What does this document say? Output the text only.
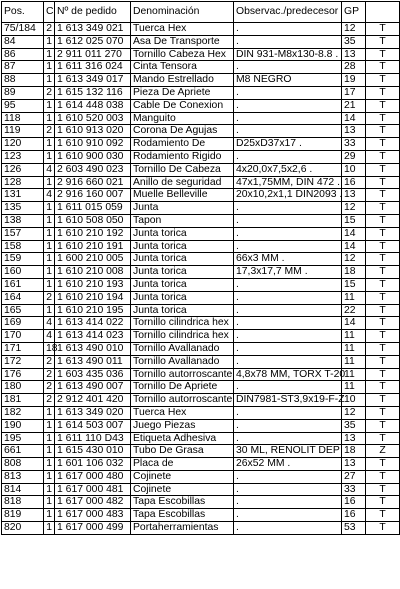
Pos.	C	Nº de pedido	Denominación	Observac./predecesor	GP	
75/184	2	1 613 349 021	Tuerca Hex	.	12	T
84	1	1 612 025 070	Asa De Transporte	.	35	T
86	1	2 911 011 270	Tornillo Cabeza Hex	DIN 931-M8x130-8.8 .	13	T
87	1	1 611 316 024	Cinta Tensora	.	28	T
88	1	1 613 349 017	Mando Estrellado	M8 NEGRO	19	T
89	2	1 615 132 116	Pieza De Apriete	.	17	T
95	1	1 614 448 038	Cable De Conexion	.	21	T
118	1	1 610 520 003	Manguito	.	14	T
119	2	1 610 913 020	Corona De Agujas	.	13	T
120	1	1 610 910 092	Rodamiento De	D25xD37x17 .	33	T
123	1	1 610 900 030	Rodamiento Rigido	.	29	T
126	4	2 603 490 023	Tornillo De Cabeza	4x20,0x7,5x2,6 .	10	T
128	1	2 916 660 021	Anillo de seguridad	47x1,75MM, DIN 472 .	16	T
131	4	2 916 160 007	Muelle Belleville	20x10,2x1,1 DIN2093 .	13	T
135	1	1 611 015 059	Junta	.	12	T
138	1	1 610 508 050	Tapon	.	15	T
157	1	1 610 210 192	Junta torica	.	14	T
158	1	1 610 210 191	Junta torica	.	14	T
159	1	1 600 210 005	Junta torica	66x3 MM .	12	T
160	1	1 610 210 008	Junta torica	17,3x17,7 MM .	18	T
161	1	1 610 210 193	Junta torica	.	15	T
164	2	1 610 210 194	Junta torica	.	11	T
165	1	1 610 210 195	Junta torica	.	22	T
169	4	1 613 414 022	Tornillo cilindrica hex	.	14	T
170	4	1 613 414 023	Tornillo cilindrica hex	.	11	T
171	18	1 613 490 010	Tornillo Avallanado	.	11	T
172	2	1 613 490 011	Tornillo Avallanado	.	11	T
176	2	1 603 435 036	Tornillo autorroscante	4,8x78 MM, TORX T-20	11	T
180	2	1 613 490 007	Tornillo De Apriete	.	11	T
181	2	2 912 401 420	Tornillo autorroscante	DIN7981-ST3,9x19-F-Z	10	T
182	1	1 613 349 020	Tuerca Hex	.	12	T
190	1	1 614 503 007	Juego Piezas	.	35	T
195	1	1 611 110 D43	Etiqueta Adhesiva	.	13	T
661	1	1 615 430 010	Tubo De Grasa	30 ML, RENOLIT DEP	18	Z
808	1	1 601 106 032	Placa de	26x52 MM .	13	T
813	1	1 617 000 480	Cojinete	.	27	T
814	1	1 617 000 481	Cojinete	.	33	T
818	1	1 617 000 482	Tapa Escobillas	.	16	T
819	1	1 617 000 483	Tapa Escobillas	.	16	T
820	1	1 617 000 499	Portaherramientas	.	53	T
